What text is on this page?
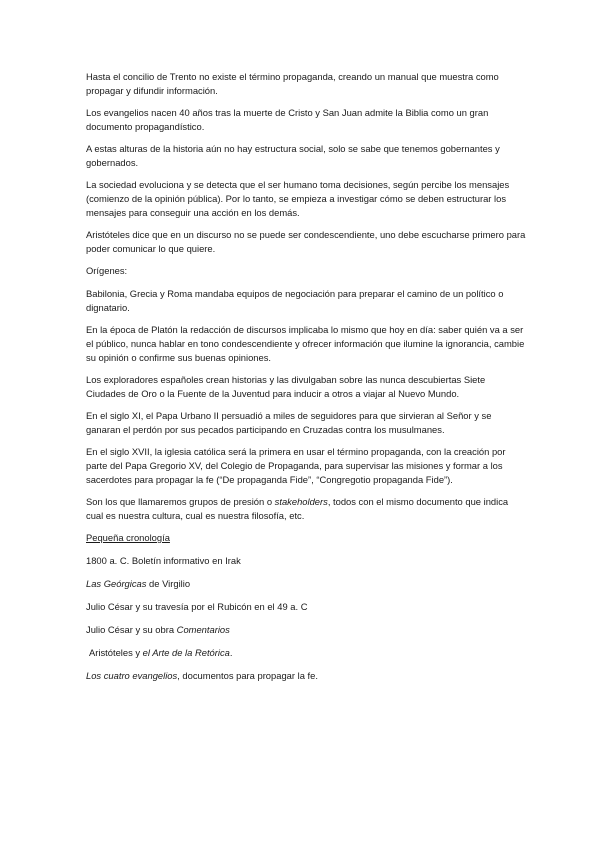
Hasta el concilio de Trento no existe el término propaganda, creando un manual que muestra como propagar y difundir información.

Los evangelios nacen 40 años tras la muerte de Cristo y San Juan admite la Biblia como un gran documento propagandístico.

A estas alturas de la historia aún no hay estructura social, solo se sabe que tenemos gobernantes y gobernados.

La sociedad evoluciona y se detecta que el ser humano toma decisiones, según percibe los mensajes (comienzo de la opinión pública). Por lo tanto, se empieza a investigar cómo se deben estructurar los mensajes para conseguir una acción en los demás.

Aristóteles dice que en un discurso no se puede ser condescendiente, uno debe escucharse primero para poder comunicar lo que quiere.

Orígenes:

Babilonia, Grecia y Roma mandaba equipos de negociación para preparar el camino de un político o dignatario.

En la época de Platón la redacción de discursos implicaba lo mismo que hoy en día: saber quién va a ser el público, nunca hablar en tono condescendiente y ofrecer información que ilumine la ignorancia, cambie su opinión o confirme sus buenas opiniones.

Los exploradores españoles crean historias y las divulgaban sobre las nunca descubiertas Siete Ciudades de Oro o la Fuente de la Juventud para inducir a otros a viajar al Nuevo Mundo.

En el siglo XI, el Papa Urbano II persuadió a miles de seguidores para que sirvieran al Señor y se ganaran el perdón por sus pecados participando en Cruzadas contra los musulmanes.

En el siglo XVII, la iglesia católica será la primera en usar el término propaganda, con la creación por parte del Papa Gregorio XV, del Colegio de Propaganda, para supervisar las misiones y formar a los sacerdotes para propagar la fe (“De propaganda Fide”, “Congregotio propaganda Fide”).

Son los que llamaremos grupos de presión o stakeholders, todos con el mismo documento que indica cual es nuestra cultura, cual es nuestra filosofía, etc.

Pequeña cronología

1800 a. C. Boletín informativo en Irak

Las Geórgicas de Virgilio

Julio César y su travesía por el Rubicón en el 49 a. C

Julio César y su obra Comentarios

Aristóteles y el Arte de la Retórica.

Los cuatro evangelios, documentos para propagar la fe.
